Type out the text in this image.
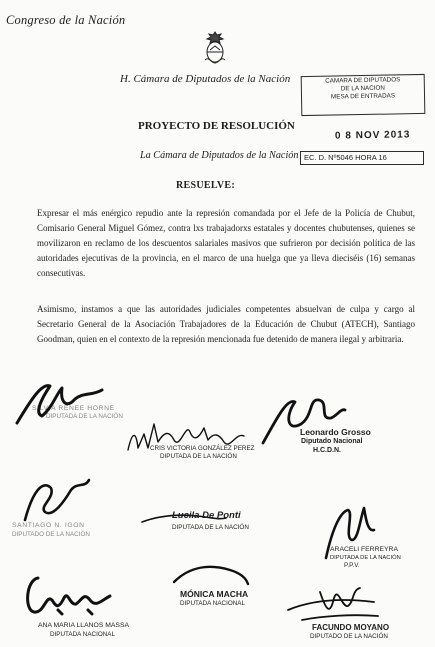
Congreso de la Nación
H. Cámara de Diputados de la Nación	CAMARA DE DIPUTADOS
DE LA NACION
MESA DE ENTRADAS
0 8 NOV 2013
EC. D. Nº5046 HORA 16
PROYECTO DE RESOLUCIÓN
La Cámara de Diputados de la Nación
RESUELVE:

Expresar el más enérgico repudio ante la represión comandada por el Jefe de la Policía de Chubut, Comisario General Miguel Gómez, contra lxs trabajadorxs estatales y docentes chubutenses, quienes se movilizaron en reclamo de los descuentos salariales masivos que sufrieron por decisión política de las autoridades ejecutivas de la provincia, en el marco de una huelga que ya lleva dieciséis (16) semanas consecutivas.

Asimismo, instamos a que las autoridades judiciales competentes absuelvan de culpa y cargo al Secretario General de la Asociación Trabajadores de la Educación de Chubut (ATECH), Santiago Goodman, quien en el contexto de la represión mencionada fue detenido de manera ilegal y arbitraria.

SILVIA RENEE HORNE
DIPUTADA DE LA NACIÓN
CRIS VICTORIA GONZÁLEZ PEREZ
DIPUTADA DE LA NACIÓN
Leonardo Grosso
Diputado Nacional
H.C.D.N.
SANTIAGO N. IGON
DIPUTADO DE LA NACIÓN
Lucila De Ponti
DIPUTADA DE LA NACIÓN
ARACELI FERREYRA
DIPUTADA DE LA NACIÓN
P.P.V.
ANA MARIA LLANOS MASSA
DIPUTADA NACIONAL
MÓNICA MACHA
DIPUTADA NACIONAL
FACUNDO MOYANO
DIPUTADO DE LA NACIÓN
